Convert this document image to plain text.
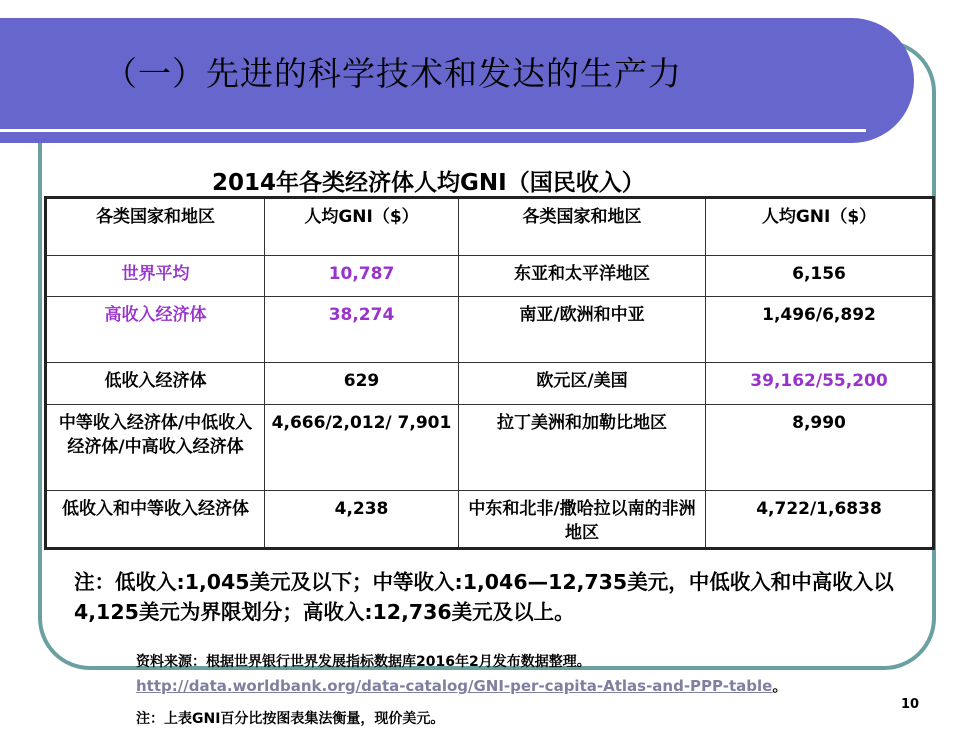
（一）先进的科学技术和发达的生产力
2014年各类经济体人均GNI（国民收入）
各类国家和地区	人均GNI（$）	各类国家和地区	人均GNI（$）
世界平均	10,787	东亚和太平洋地区	6,156
高收入经济体	38,274	南亚/欧洲和中亚	1,496/6,892
低收入经济体	629	欧元区/美国	39,162/55,200
中等收入经济体/中低收入经济体/中高收入经济体	4,666/2,012/ 7,901	拉丁美洲和加勒比地区	8,990
低收入和中等收入经济体	4,238	中东和北非/撒哈拉以南的非洲地区	4,722/1,6838
注：低收入:1,045美元及以下；中等收入:1,046—12,735美元，中低收入和中高收入以4,125美元为界限划分；高收入:12,736美元及以上。
资料来源：根据世界银行世界发展指标数据库2016年2月发布数据整理。
http://data.worldbank.org/data-catalog/GNI-per-capita-Atlas-and-PPP-table。
10
注：上表GNI百分比按图表集法衡量，现价美元。
